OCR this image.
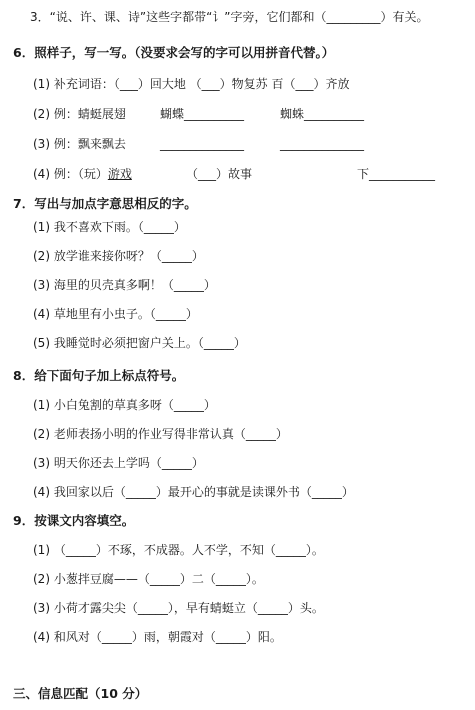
3．“说、许、课、诗”这些字都带“讠”字旁，它们都和（_________）有关。
6．照样子，写一写。（没要求会写的字可以用拼音代替。）
(1) 补充词语：（___）回大地 （___）物复苏 百（___）齐放
(2) 例：蜻蜓展翅	蝴蝶__________	蜘蛛__________
(3) 例：飘来飘去	______________	______________
(4) 例：（玩）游戏	（___）故事	下___________
7．写出与加点字意思相反的字。
(1) 我不喜欢下雨。（_____）
(2) 放学谁来接你呀？（_____）
(3) 海里的贝壳真多啊！（_____）
(4) 草地里有小虫子。（_____）
(5) 我睡觉时必须把窗户关上。（_____）
8．给下面句子加上标点符号。
(1) 小白兔割的草真多呀（_____）
(2) 老师表扬小明的作业写得非常认真（_____）
(3) 明天你还去上学吗（_____）
(4) 我回家以后（_____）最开心的事就是读课外书（_____）
9．按课文内容填空。
(1) （_____）不琢，不成器。人不学，不知（_____）。
(2) 小葱拌豆腐——（_____）二（_____）。
(3) 小荷才露尖尖（_____），早有蜻蜓立（_____）头。
(4) 和风对（_____）雨，朝霞对（_____）阳。
三、信息匹配（10 分）
